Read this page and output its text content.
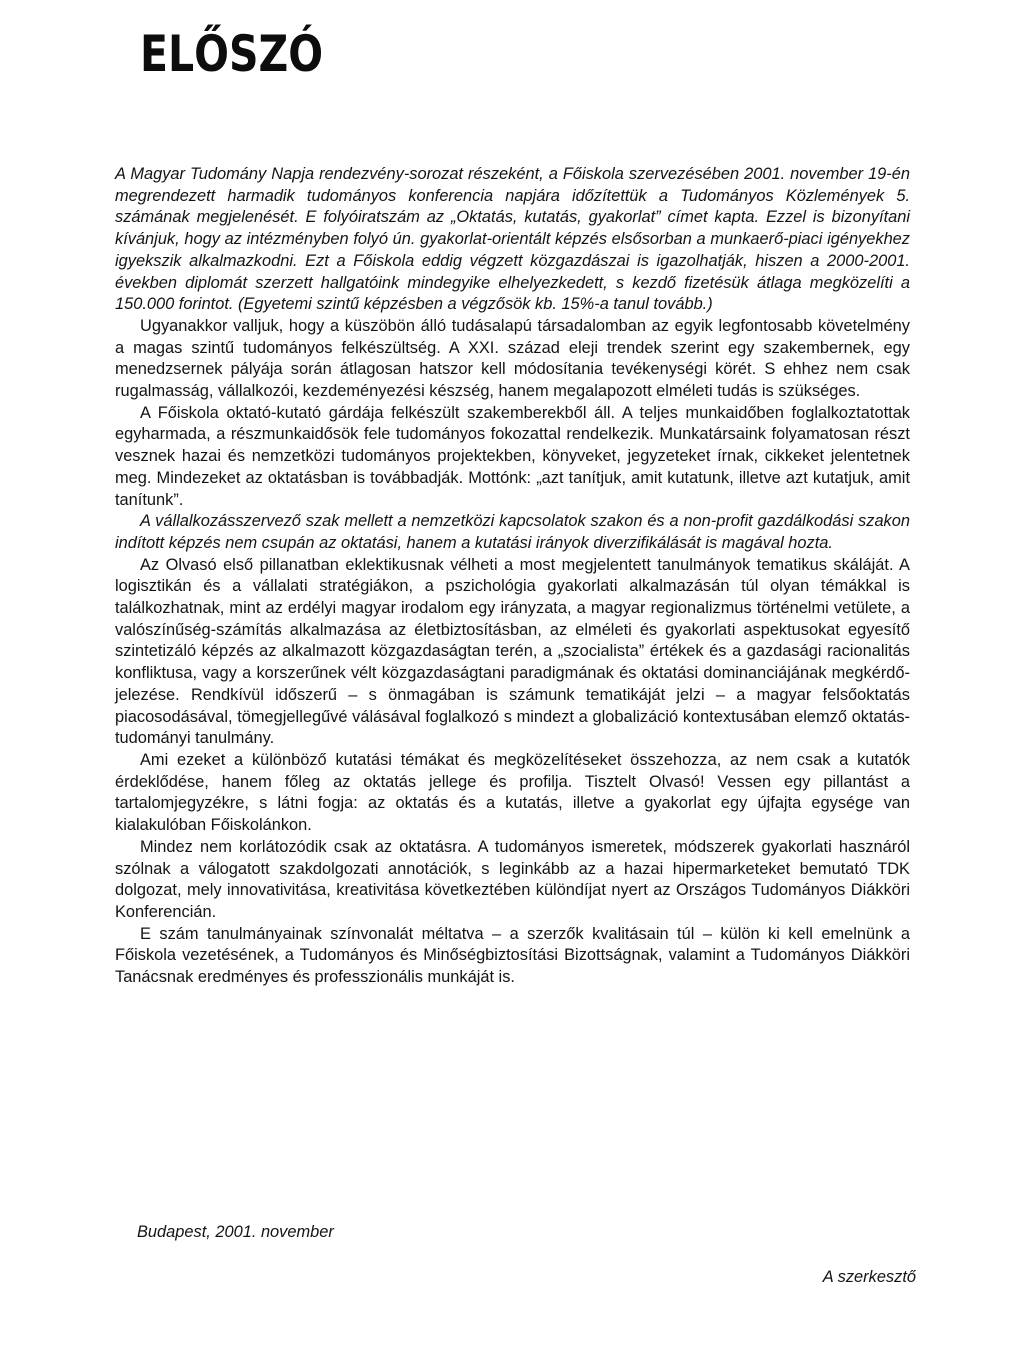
ELŐSZÓ

A Magyar Tudomány Napja rendezvény-sorozat részeként, a Főiskola szervezésében 2001. november 19-én megrendezett harmadik tudományos konferencia napjára időzítettük a Tudományos Közlemények 5. számának megjelenését. E folyóiratszám az „Oktatás, kutatás, gyakorlat” címet kapta. Ezzel is bizonyítani kívánjuk, hogy az intézményben folyó ún. gyakorlat-orientált képzés elsősorban a munkaerő-piaci igényekhez igyekszik alkalmazkodni. Ezt a Főiskola eddig végzett közgazdászai is igazolhatják, hiszen a 2000-2001. években diplomát szerzett hallgatóink mindegyike elhelyezkedett, s kezdő fizetésük átlaga megközelíti a 150.000 forintot. (Egyetemi szintű képzésben a végzősök kb. 15%-a tanul tovább.)

Ugyanakkor valljuk, hogy a küszöbön álló tudásalapú társadalomban az egyik legfontosabb követelmény a magas szintű tudományos felkészültség. A XXI. század eleji trendek szerint egy szakembernek, egy menedzsernek pályája során átlagosan hatszor kell módosítania tevékenységi körét. S ehhez nem csak rugalmasság, vállalkozói, kezdeményezési készség, hanem megalapozott elméleti tudás is szükséges.

A Főiskola oktató-kutató gárdája felkészült szakemberekből áll. A teljes munkaidőben foglalkoztatottak egyharmada, a részmunkaidősök fele tudományos fokozattal rendelkezik. Munkatársaink folyamatosan részt vesznek hazai és nemzetközi tudományos projektekben, könyveket, jegyzeteket írnak, cikkeket jelentetnek meg. Mindezeket az oktatásban is továbbadják. Mottónk: „azt tanítjuk, amit kutatunk, illetve azt kutatjuk, amit tanítunk”.

A vállalkozásszervező szak mellett a nemzetközi kapcsolatok szakon és a non-profit gazdálkodási szakon indított képzés nem csupán az oktatási, hanem a kutatási irányok diverzifikálását is magával hozta.

Az Olvasó első pillanatban eklektikusnak vélheti a most megjelentett tanulmányok tematikus skáláját. A logisztikán és a vállalati stratégiákon, a pszichológia gyakorlati alkalmazásán túl olyan témákkal is találkozhatnak, mint az erdélyi magyar irodalom egy irányzata, a magyar regionalizmus történelmi vetülete, a valószínűség-számítás alkalmazása az életbiztosításban, az elméleti és gyakorlati aspektusokat egyesítő szintetizáló képzés az alkalmazott közgazdaságtan terén, a „szocialista” értékek és a gazdasági racionalitás konfliktusa, vagy a korszerűnek vélt közgazdaságtani paradigmának és oktatási dominanciájának megkérdő-jelezése. Rendkívül időszerű – s önmagában is számunk tematikáját jelzi – a magyar felsőoktatás piacosodásával, tömegjellegűvé válásával foglalkozó s mindezt a globalizáció kontextusában elemző oktatás-tudományi tanulmány.

Ami ezeket a különböző kutatási témákat és megközelítéseket összehozza, az nem csak a kutatók érdeklődése, hanem főleg az oktatás jellege és profilja. Tisztelt Olvasó! Vessen egy pillantást a tartalomjegyzékre, s látni fogja: az oktatás és a kutatás, illetve a gyakorlat egy újfajta egysége van kialakulóban Főiskolánkon.

Mindez nem korlátozódik csak az oktatásra. A tudományos ismeretek, módszerek gyakorlati hasznáról szólnak a válogatott szakdolgozati annotációk, s leginkább az a hazai hipermarketeket bemutató TDK dolgozat, mely innovativitása, kreativitása következtében különdíjat nyert az Országos Tudományos Diákköri Konferencián.

E szám tanulmányainak színvonalát méltatva – a szerzők kvalitásain túl – külön ki kell emelnünk a Főiskola vezetésének, a Tudományos és Minőségbiztosítási Bizottságnak, valamint a Tudományos Diákköri Tanácsnak eredményes és professzionális munkáját is.

Budapest, 2001. november
A szerkesztő
